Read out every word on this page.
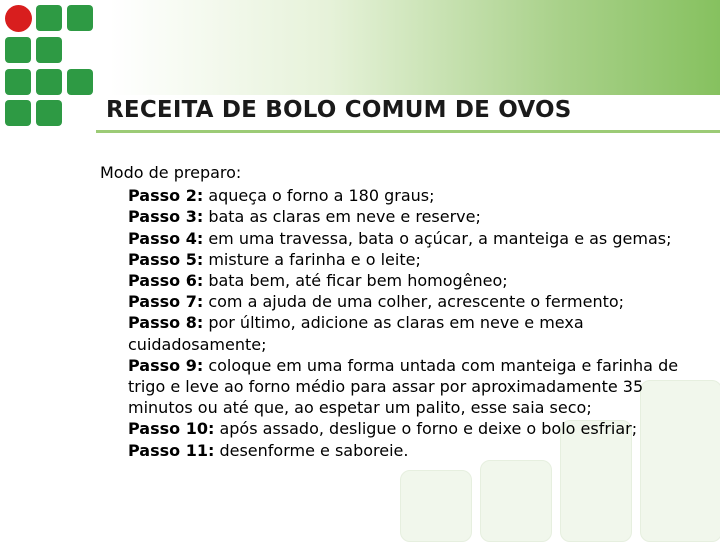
RECEITA DE BOLO COMUM DE OVOS
Modo de preparo:
Passo 2: aqueça o forno a 180 graus;
Passo 3: bata as claras em neve e reserve;
Passo 4: em uma travessa, bata o açúcar, a manteiga e as gemas;
Passo 5: misture a farinha e o leite;
Passo 6: bata bem, até ficar bem homogêneo;
Passo 7: com a ajuda de uma colher, acrescente o fermento;
Passo 8: por último, adicione as claras em neve e mexa cuidadosamente;
Passo 9: coloque em uma forma untada com manteiga e farinha de trigo e leve ao forno médio para assar por aproximadamente 35 minutos ou até que, ao espetar um palito, esse saia seco;
Passo 10: após assado, desligue o forno e deixe o bolo esfriar;
Passo 11: desenforme e saboreie.
